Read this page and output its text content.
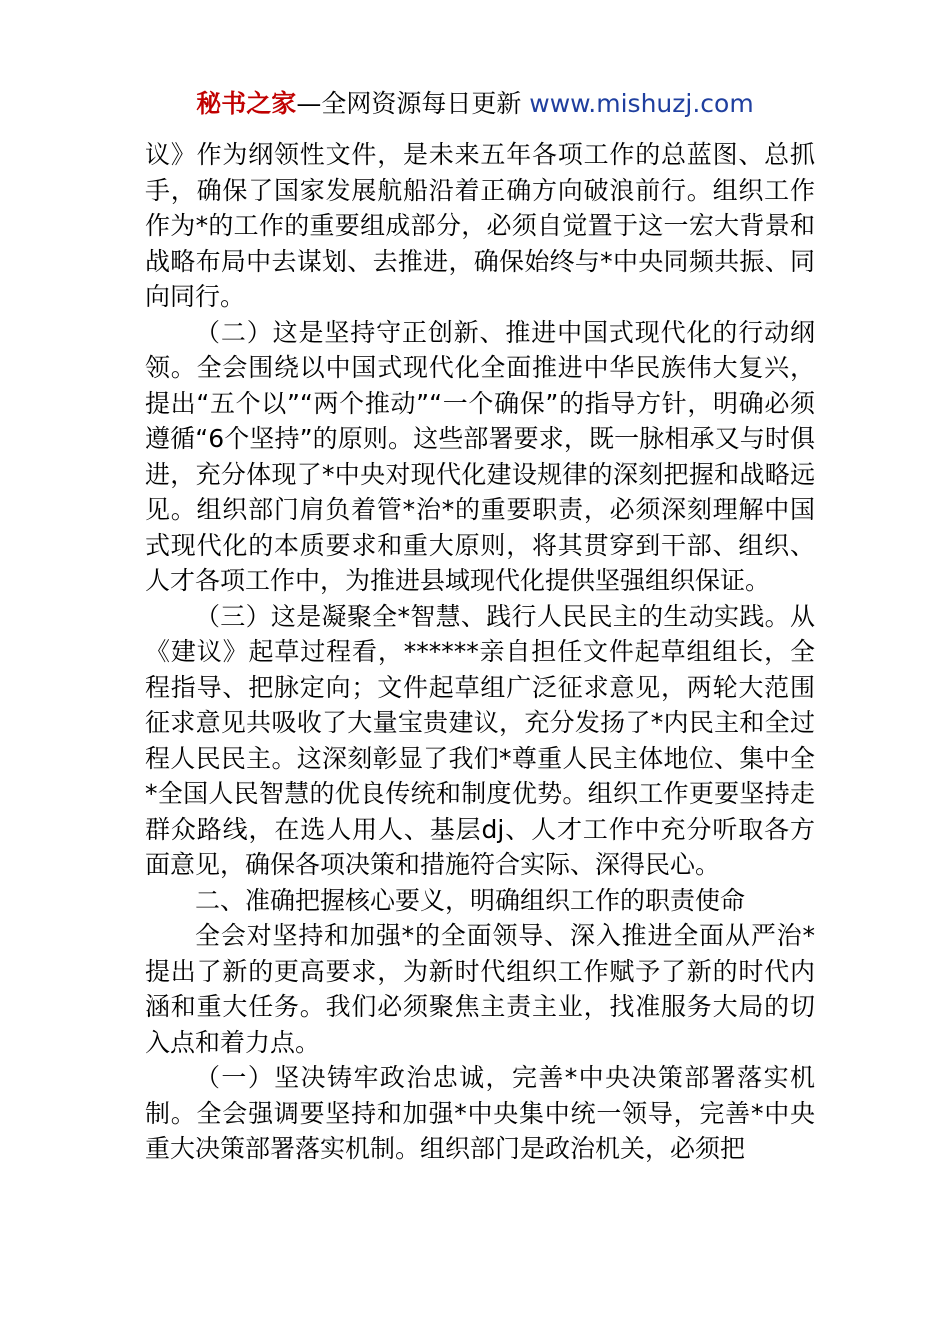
秘书之家—全网资源每日更新 www.mishuzj.com

议》作为纲领性文件，是未来五年各项工作的总蓝图、总抓手，确保了国家发展航船沿着正确方向破浪前行。组织工作作为*的工作的重要组成部分，必须自觉置于这一宏大背景和战略布局中去谋划、去推进，确保始终与*中央同频共振、同向同行。

（二）这是坚持守正创新、推进中国式现代化的行动纲领。全会围绕以中国式现代化全面推进中华民族伟大复兴，提出“五个以”“两个推动”“一个确保”的指导方针，明确必须遵循“6个坚持”的原则。这些部署要求，既一脉相承又与时俱进，充分体现了*中央对现代化建设规律的深刻把握和战略远见。组织部门肩负着管*治*的重要职责，必须深刻理解中国式现代化的本质要求和重大原则，将其贯穿到干部、组织、人才各项工作中，为推进县域现代化提供坚强组织保证。

（三）这是凝聚全*智慧、践行人民民主的生动实践。从《建议》起草过程看，******亲自担任文件起草组组长，全程指导、把脉定向；文件起草组广泛征求意见，两轮大范围征求意见共吸收了大量宝贵建议，充分发扬了*内民主和全过程人民民主。这深刻彰显了我们*尊重人民主体地位、集中全*全国人民智慧的优良传统和制度优势。组织工作更要坚持走群众路线，在选人用人、基层dj、人才工作中充分听取各方面意见，确保各项决策和措施符合实际、深得民心。

二、准确把握核心要义，明确组织工作的职责使命

全会对坚持和加强*的全面领导、深入推进全面从严治*提出了新的更高要求，为新时代组织工作赋予了新的时代内涵和重大任务。我们必须聚焦主责主业，找准服务大局的切入点和着力点。

（一）坚决铸牢政治忠诚，完善*中央决策部署落实机制。全会强调要坚持和加强*中央集中统一领导，完善*中央重大决策部署落实机制。组织部门是政治机关，必须把
